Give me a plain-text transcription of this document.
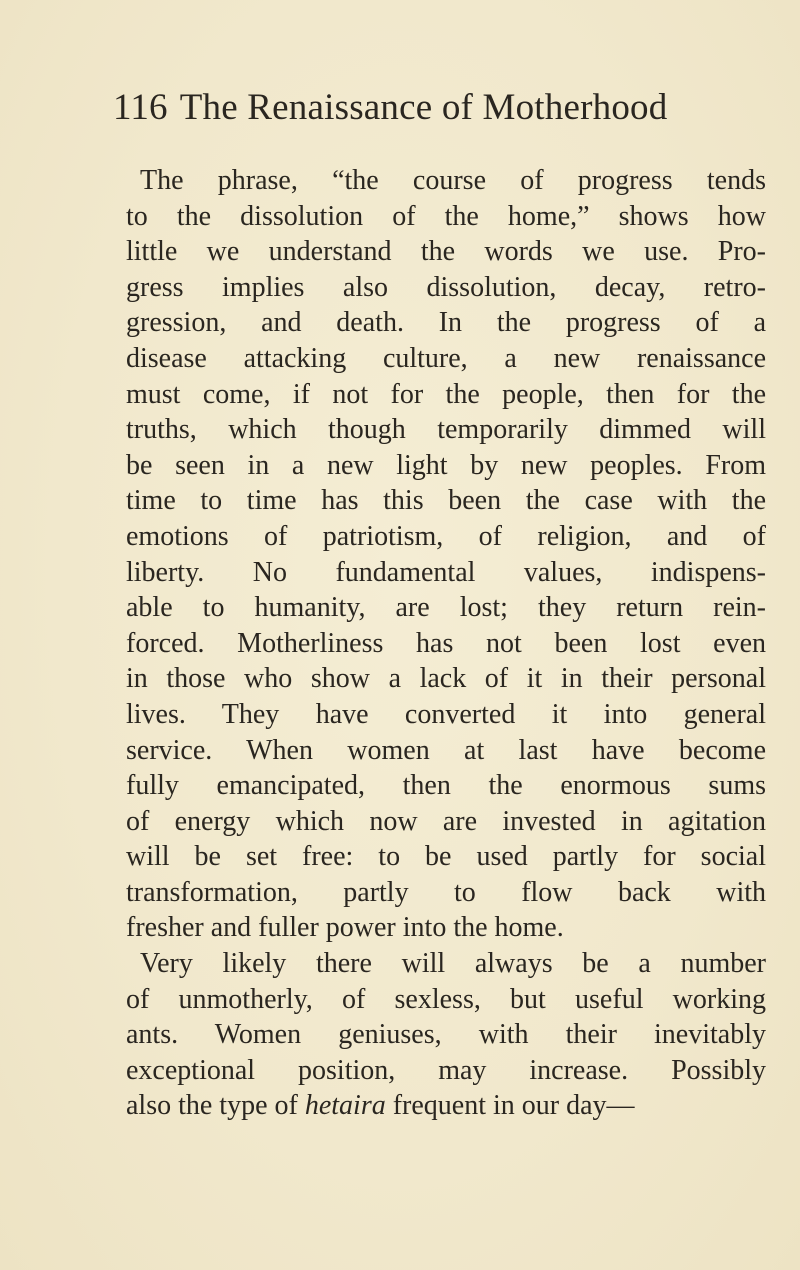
116 The Renaissance of Motherhood
The phrase, “the course of progress tends
to the dissolution of the home,” shows how
little we understand the words we use. Pro-
gress implies also dissolution, decay, retro-
gression, and death. In the progress of a
disease attacking culture, a new renaissance
must come, if not for the people, then for the
truths, which though temporarily dimmed will
be seen in a new light by new peoples. From
time to time has this been the case with the
emotions of patriotism, of religion, and of
liberty. No fundamental values, indispens-
able to humanity, are lost; they return rein-
forced. Motherliness has not been lost even
in those who show a lack of it in their personal
lives. They have converted it into general
service. When women at last have become
fully emancipated, then the enormous sums
of energy which now are invested in agitation
will be set free: to be used partly for social
transformation, partly to flow back with
fresher and fuller power into the home.
Very likely there will always be a number
of unmotherly, of sexless, but useful working
ants. Women geniuses, with their inevitably
exceptional position, may increase. Possibly
also the type of hetaira frequent in our day—
